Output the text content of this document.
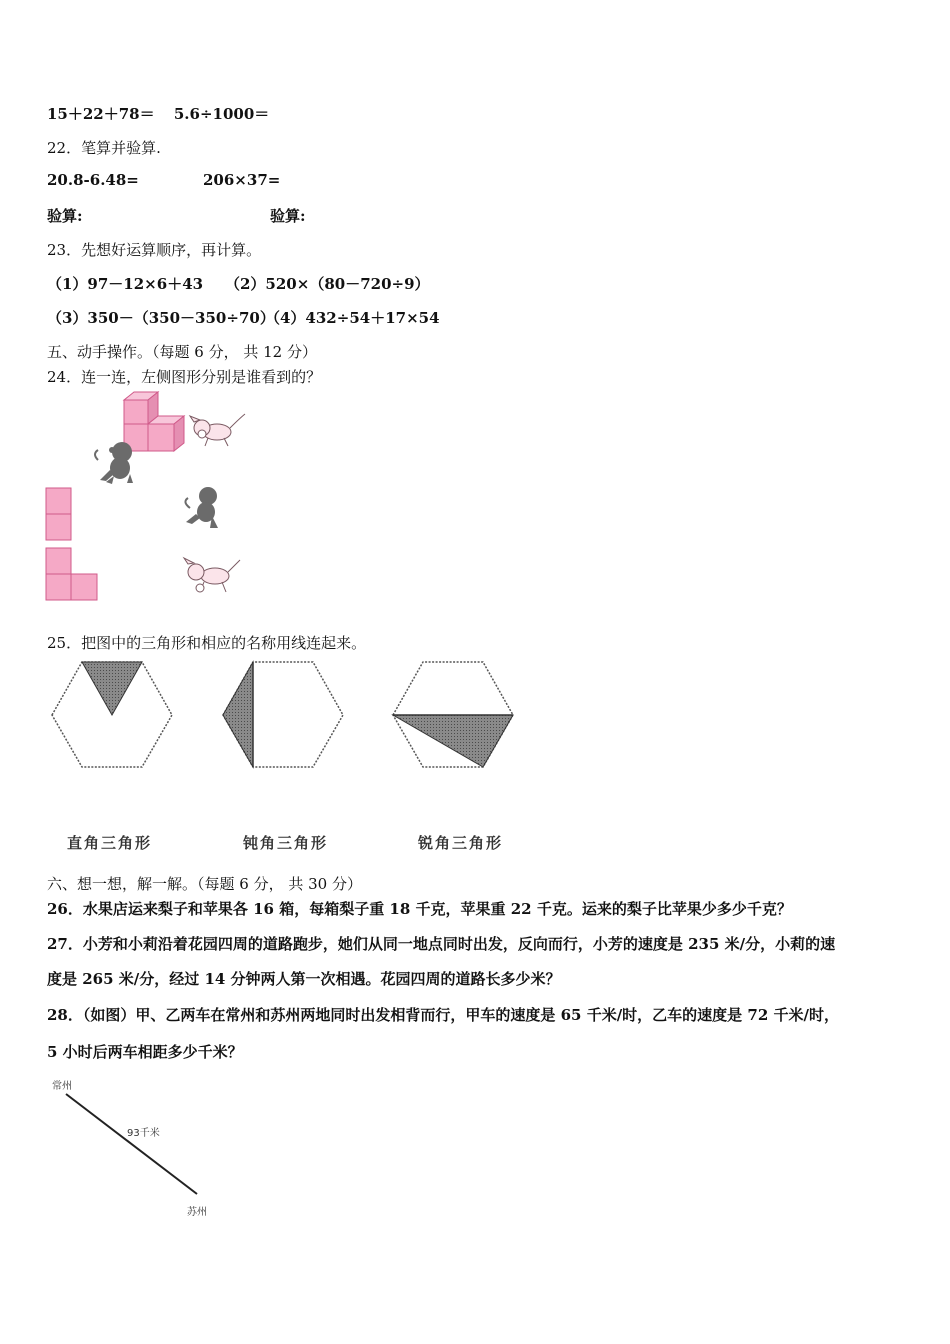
15＋22＋78＝ 5.6÷1000＝
22．笔算并验算.
20.8-6.48=	206×37=
验算:	验算:
23．先想好运算顺序，再计算。
（1）97－12×6＋43 （2）520×（80－720÷9）
（3）350－（350－350÷70）
（4）432÷54＋17×54
五、动手操作。（每题 6 分， 共 12 分）
24．连一连，左侧图形分别是谁看到的？
25．把图中的三角形和相应的名称用线连起来。
直角三角形	钝角三角形	锐角三角形
六、想一想，解一解。（每题 6 分， 共 30 分）
26．水果店运来梨子和苹果各 16 箱，每箱梨子重 18 千克，苹果重 22 千克。运来的梨子比苹果少多少千克？
27．小芳和小莉沿着花园四周的道路跑步，她们从同一地点同时出发，反向而行，小芳的速度是 235 米/分，小莉的速
度是 265 米/分，经过 14 分钟两人第一次相遇。花园四周的道路长多少米？
28．（如图）甲、乙两车在常州和苏州两地同时出发相背而行，甲车的速度是 65 千米/时，乙车的速度是 72 千米/时，
5 小时后两车相距多少千米？
常州
苏州
93千米
